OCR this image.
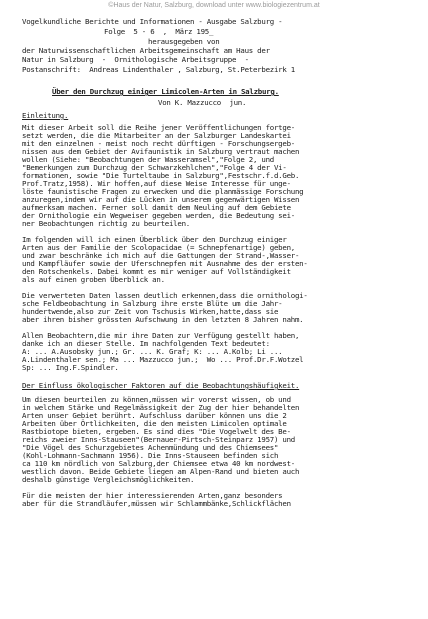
©Haus der Natur, Salzburg, download unter www.biologiezentrum.at
Vogelkundliche Berichte und Informationen - Ausgabe Salzburg -
Folge  5 - 6  ,  März 195_
herausgegeben von
der Naturwissenschaftlichen Arbeitsgemeinschaft am Haus der
Natur in Salzburg  -  Ornithologische Arbeitsgruppe  -
Postanschrift:  Andreas Lindenthaler , Salzburg, St.Peterbezirk 1
Über den Durchzug einiger Limicolen-Arten in Salzburg.
Von K. Mazzucco  jun.
Einleitung.
Mit dieser Arbeit soll die Reihe jener Veröffentlichungen fortge-
setzt werden, die die Mitarbeiter an der Salzburger Landeskartei
mit den einzelnen - meist noch recht dürftigen - Forschungsergeb-
nissen aus dem Gebiet der Avifaunistik in Salzburg vertraut machen
wollen (Siehe: "Beobachtungen der Wasseramsel","Folge 2, und
"Bemerkungen zum Durchzug der Schwarzkehlchen","Folge 4 der Vi-
formationen, sowie "Die Turteltaube in Salzburg",Festschr.f.d.Geb.
Prof.Tratz,1958). Wir hoffen,auf diese Weise Interesse für unge-
löste faunistische Fragen zu erwecken und die planmässige Forschung
anzuregen,indem wir auf die Lücken in unserem gegenwärtigen Wissen
aufmerksam machen. Ferner soll damit dem Neuling auf dem Gebiete
der Ornithologie ein Wegweiser gegeben werden, die Bedeutung sei-
ner Beobachtungen richtig zu beurteilen.
Im folgenden will ich einen Überblick über den Durchzug einiger
Arten aus der Familie der Scolopacidae (= Schnepfenartige) geben,
und zwar beschränke ich mich auf die Gattungen der Strand-,Wasser-
und Kampfläufer sowie der Uferschnepfen mit Ausnahme des der ersten-
den Rotschenkels. Dabei kommt es mir weniger auf Vollständigkeit
als auf einen groben Überblick an.
Die verwerteten Daten lassen deutlich erkennen,dass die ornithologi-
sche Feldbeobachtung in Salzburg ihre erste Blüte um die Jahr-
hundertwende,also zur Zeit von Tschusis Wirken,hatte,dass sie
aber ihren bisher grössten Aufschwung in den letzten 8 Jahren nahm.
Allen Beobachtern,die mir ihre Daten zur Verfügung gestellt haben,
danke ich an dieser Stelle. Im nachfolgenden Text bedeutet:
A: ... A.Ausobsky jun.; Gr. ... K. Graf; K: ... A.Kolb; Li ...
A.Lindenthaler sen.; Ma ... Mazzucco jun.;  Wo ... Prof.Dr.F.Wotzel
Sp: ... Ing.F.Spindler.
Der Einfluss ökologischer Faktoren auf die Beobachtungshäufigkeit.
Um diesen beurteilen zu können,müssen wir vorerst wissen, ob und
in welchem Stärke und Regelmässigkeit der Zug der hier behandelten
Arten unser Gebiet berührt. Aufschluss darüber können uns die 2
Arbeiten über Örtlichkeiten, die den meisten Limicolen optimale
Rastbiotope bieten, ergeben. Es sind dies "Die Vogelwelt des Be-
reichs zweier Inns-Stauseen"(Bernauer-Pirtsch-Steinparz 1957) und
"Die Vögel des Schurzgebietes Achenmündung und des Chiemsees"
(Kohl-Lohmann-Sachmann 1956). Die Inns-Stauseen befinden sich
ca 110 km nördlich von Salzburg,der Chiemsee etwa 40 km nordwest-
westlich davon. Beide Gebiete liegen am Alpen-Rand und bieten auch
deshalb günstige Vergleichsmöglichkeiten.
Für die meisten der hier interessierenden Arten,ganz besonders
aber für die Strandläufer,müssen wir Schlammbänke,Schlickflächen
